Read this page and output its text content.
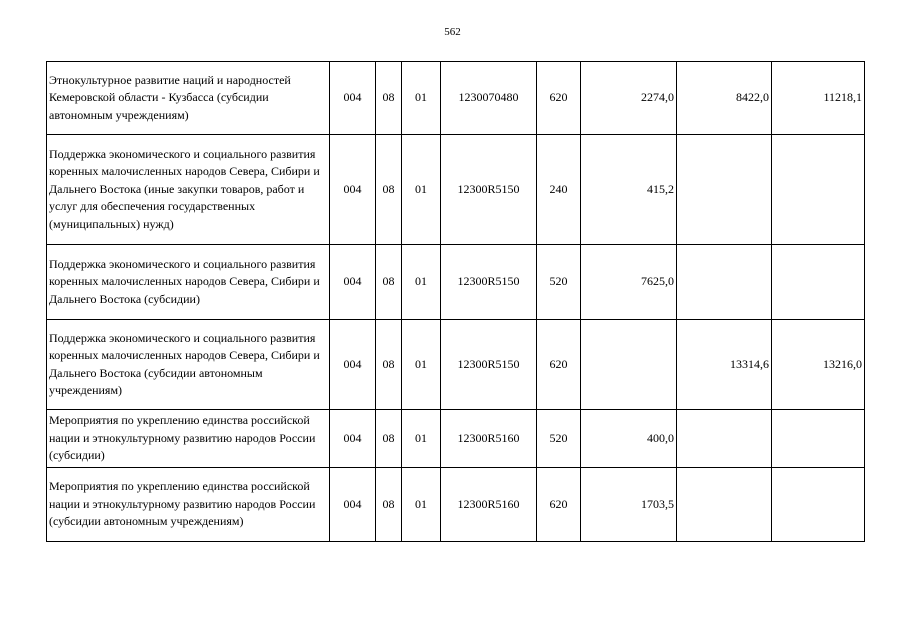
562
Этнокультурное развитие наций и народностей Кемеровской области - Кузбасса (субсидии автономным учреждениям)	004	08	01	1230070480	620	2274,0	8422,0	11218,1
Поддержка экономического и социального развития коренных малочисленных народов Севера, Сибири и Дальнего Востока (иные закупки товаров, работ и услуг для обеспечения государственных (муниципальных) нужд)	004	08	01	12300R5150	240	415,2		
Поддержка экономического и социального развития коренных малочисленных народов Севера, Сибири и Дальнего Востока (субсидии)	004	08	01	12300R5150	520	7625,0		
Поддержка экономического и социального развития коренных малочисленных народов Севера, Сибири и Дальнего Востока (субсидии автономным учреждениям)	004	08	01	12300R5150	620		13314,6	13216,0
Мероприятия по укреплению единства российской нации и этнокультурному развитию народов России (субсидии)	004	08	01	12300R5160	520	400,0		
Мероприятия по укреплению единства российской нации и этнокультурному развитию народов России (субсидии автономным учреждениям)	004	08	01	12300R5160	620	1703,5		
